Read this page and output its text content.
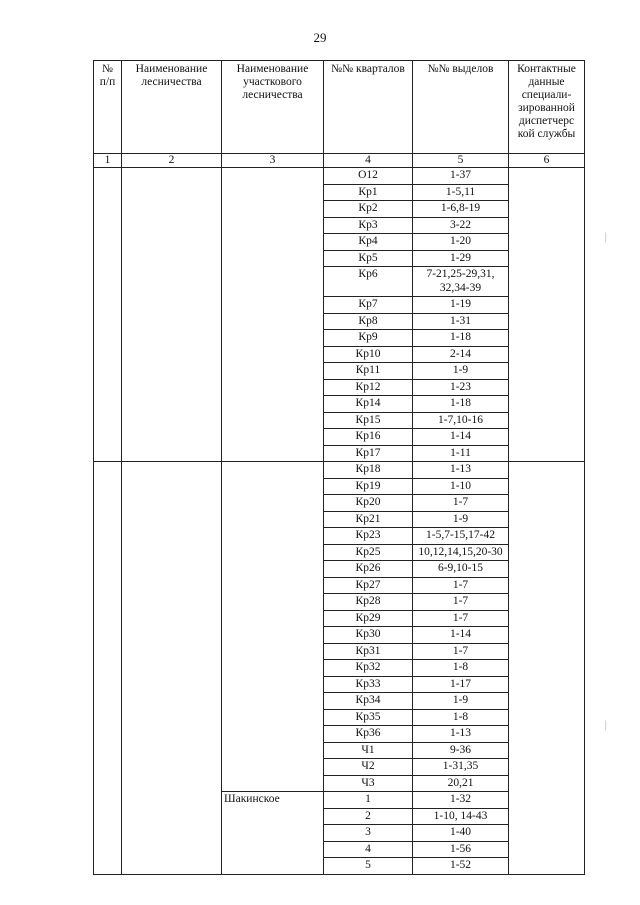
29
№ п/п	Наименование лесничества	Наименование участкового лесничества	№№ кварталов	№№ выделов	Контактные данные специали-зированной диспетчерс кой службы
1	2	3	4	5	6
			О12	1-37	
			Кр1	1-5,11	
			Кр2	1-6,8-19	
			Кр3	3-22	
			Кр4	1-20	
			Кр5	1-29	
			Кр6	7-21,25-29,31, 32,34-39	
			Кр7	1-19	
			Кр8	1-31	
			Кр9	1-18	
			Кр10	2-14	
			Кр11	1-9	
			Кр12	1-23	
			Кр14	1-18	
			Кр15	1-7,10-16	
			Кр16	1-14	
			Кр17	1-11	
			Кр18	1-13	
			Кр19	1-10	
			Кр20	1-7	
			Кр21	1-9	
			Кр23	1-5,7-15,17-42	
			Кр25	10,12,14,15,20-30	
			Кр26	6-9,10-15	
			Кр27	1-7	
			Кр28	1-7	
			Кр29	1-7	
			Кр30	1-14	
			Кр31	1-7	
			Кр32	1-8	
			Кр33	1-17	
			Кр34	1-9	
			Кр35	1-8	
			Кр36	1-13	
			Ч1	9-36	
			Ч2	1-31,35	
			Ч3	20,21	
		Шакинское	1	1-32	
			2	1-10, 14-43	
			3	1-40	
			4	1-56	
			5	1-52	
|
|
